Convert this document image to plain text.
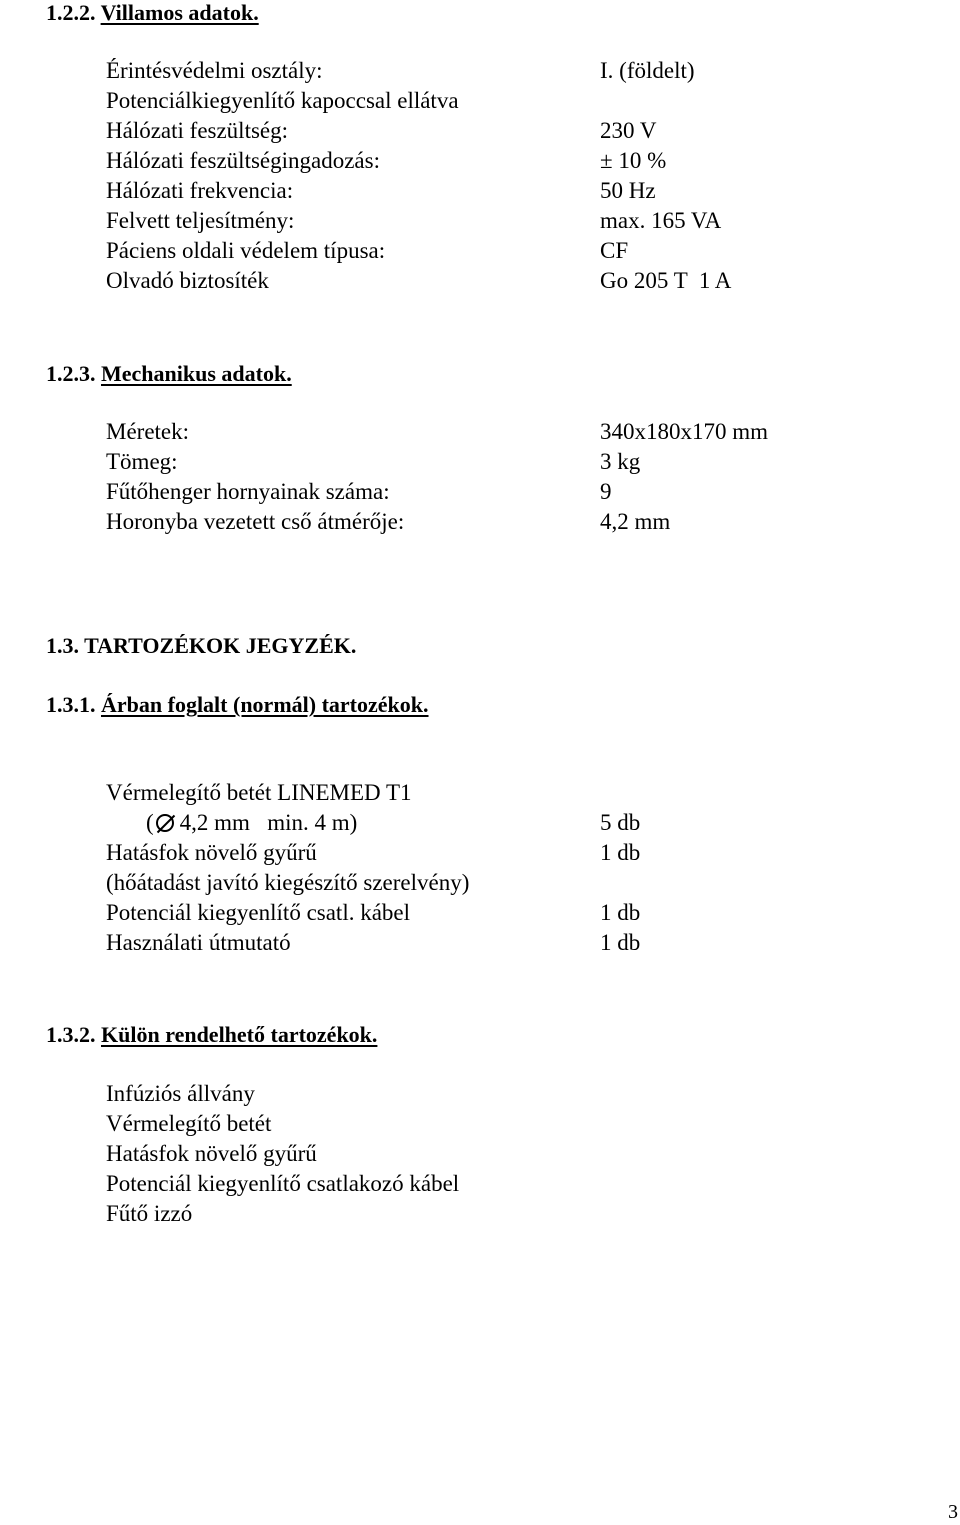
1.2.2. Villamos adatok.
Érintésvédelmi osztály:	I. (földelt)
Potenciálkiegyenlítő kapoccsal ellátva
Hálózati feszültség:	230 V
Hálózati feszültségingadozás:	± 10 %
Hálózati frekvencia:	50 Hz
Felvett teljesítmény:	max. 165 VA
Páciens oldali védelem típusa:	CF
Olvadó biztosíték	Go 205 T  1 A
1.2.3. Mechanikus adatok.
Méretek:	340x180x170 mm
Tömeg:	3 kg
Fűtőhenger hornyainak száma:	9
Horonyba vezetett cső átmérője:	4,2 mm
1.3. TARTOZÉKOK JEGYZÉK.
1.3.1. Árban foglalt (normál) tartozékok.
Vérmelegítő betét LINEMED T1
( 4,2 mm   min. 4 m)	5 db
Hatásfok növelő gyűrű	1 db
(hőátadást javító kiegészítő szerelvény)
Potenciál kiegyenlítő csatl. kábel	1 db
Használati útmutató	1 db
1.3.2. Külön rendelhető tartozékok.
Infúziós állvány
Vérmelegítő betét
Hatásfok növelő gyűrű
Potenciál kiegyenlítő csatlakozó kábel
Fűtő izzó
3
